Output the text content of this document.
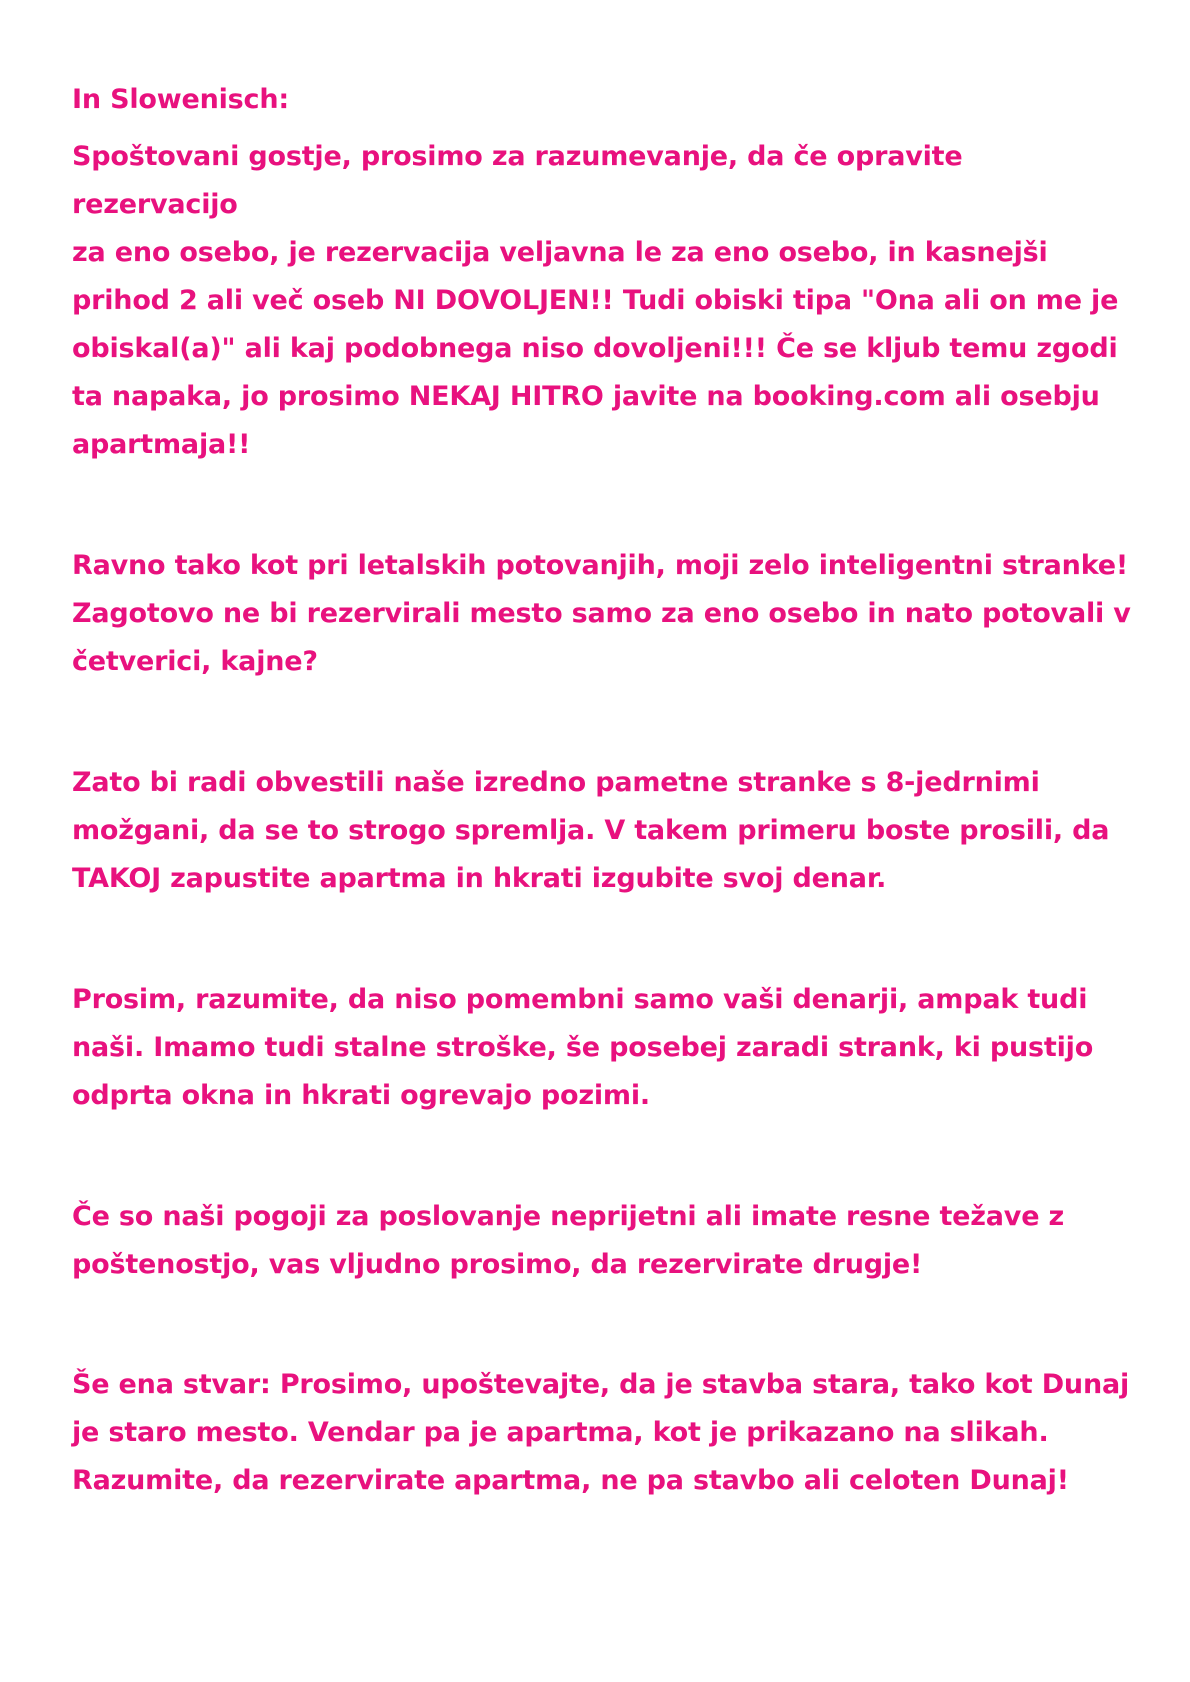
In Slowenisch:

Spoštovani gostje, prosimo za razumevanje, da če opravite rezervacijo
za eno osebo, je rezervacija veljavna le za eno osebo, in kasnejši
prihod 2 ali več oseb NI DOVOLJEN!! Tudi obiski tipa "Ona ali on me je
obiskal(a)" ali kaj podobnega niso dovoljeni!!! Če se kljub temu zgodi
ta napaka, jo prosimo NEKAJ HITRO javite na booking.com ali osebju
apartmaja!!

Ravno tako kot pri letalskih potovanjih, moji zelo inteligentni stranke!
Zagotovo ne bi rezervirali mesto samo za eno osebo in nato potovali v
četverici, kajne?

Zato bi radi obvestili naše izredno pametne stranke s 8-jedrnimi
možgani, da se to strogo spremlja. V takem primeru boste prosili, da
TAKOJ zapustite apartma in hkrati izgubite svoj denar.

Prosim, razumite, da niso pomembni samo vaši denarji, ampak tudi
naši. Imamo tudi stalne stroške, še posebej zaradi strank, ki pustijo
odprta okna in hkrati ogrevajo pozimi.

Če so naši pogoji za poslovanje neprijetni ali imate resne težave z
poštenostjo, vas vljudno prosimo, da rezervirate drugje!

Še ena stvar: Prosimo, upoštevajte, da je stavba stara, tako kot Dunaj
je staro mesto. Vendar pa je apartma, kot je prikazano na slikah.
Razumite, da rezervirate apartma, ne pa stavbo ali celoten Dunaj!
